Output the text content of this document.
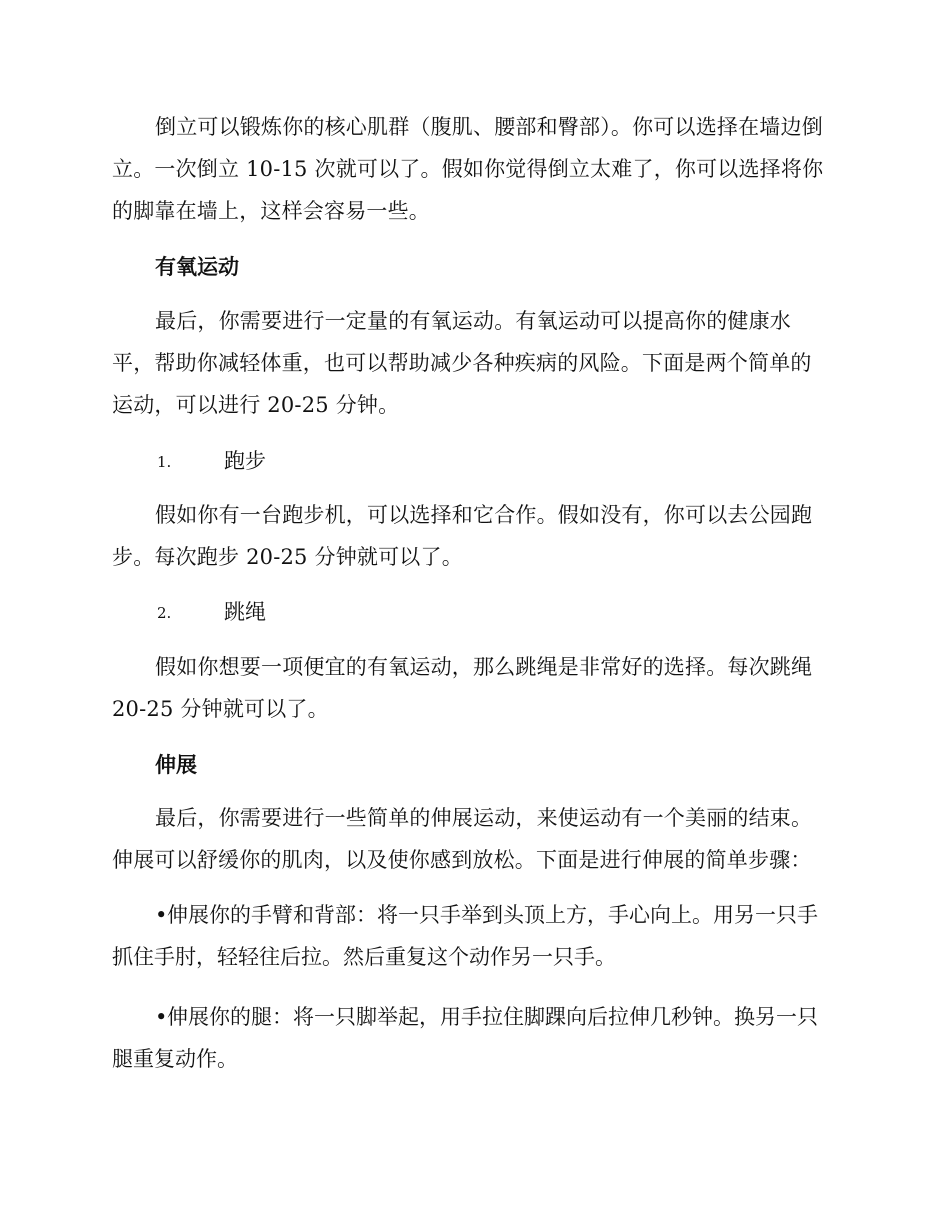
倒立可以锻炼你的核心肌群（腹肌、腰部和臀部）。你可以选择在墙边倒立。一次倒立 10-15 次就可以了。假如你觉得倒立太难了，你可以选择将你的脚靠在墙上，这样会容易一些。
有氧运动
最后，你需要进行一定量的有氧运动。有氧运动可以提高你的健康水平，帮助你减轻体重，也可以帮助减少各种疾病的风险。下面是两个简单的运动，可以进行 20-25 分钟。
1.	跑步
假如你有一台跑步机，可以选择和它合作。假如没有，你可以去公园跑步。每次跑步 20-25 分钟就可以了。
2.	跳绳
假如你想要一项便宜的有氧运动，那么跳绳是非常好的选择。每次跳绳 20-25 分钟就可以了。
伸展
最后，你需要进行一些简单的伸展运动，来使运动有一个美丽的结束。伸展可以舒缓你的肌肉，以及使你感到放松。下面是进行伸展的简单步骤：
•伸展你的手臂和背部：将一只手举到头顶上方，手心向上。用另一只手抓住手肘，轻轻往后拉。然后重复这个动作另一只手。
•伸展你的腿：将一只脚举起，用手拉住脚踝向后拉伸几秒钟。换另一只腿重复动作。
